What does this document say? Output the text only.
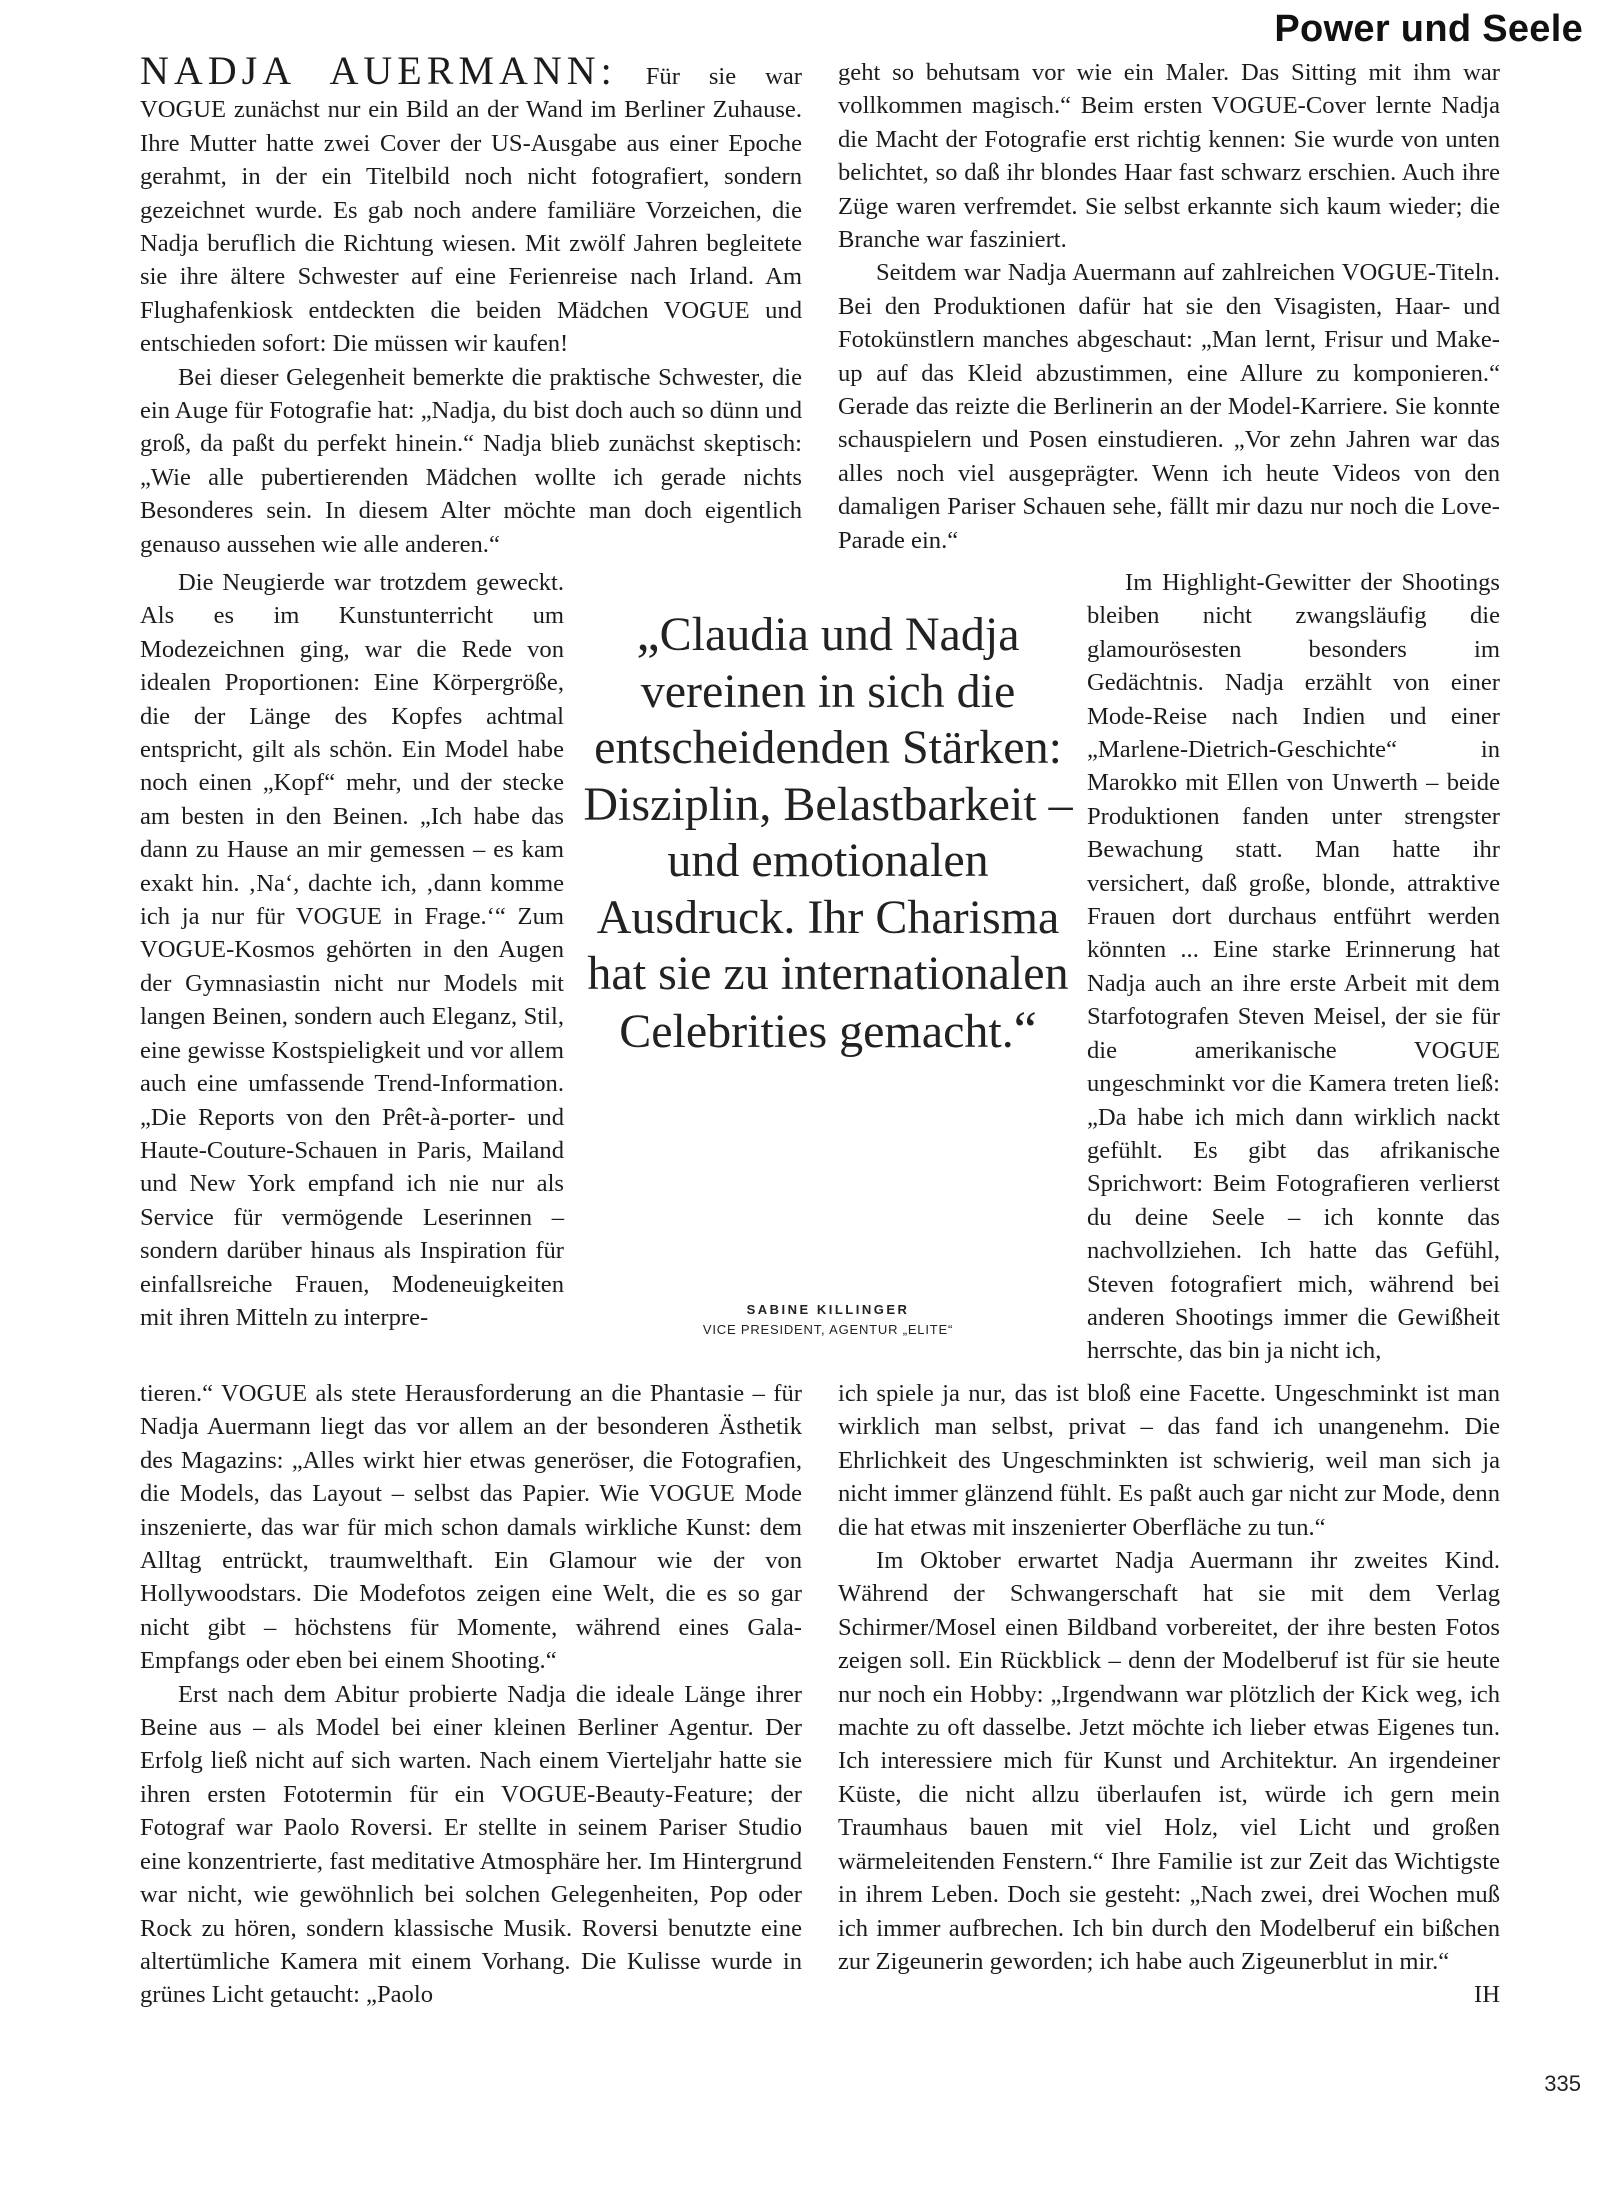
Power und Seele

NADJA AUERMANN: Für sie war VOGUE zunächst nur ein Bild an der Wand im Berliner Zuhause. Ihre Mutter hatte zwei Cover der US-Ausgabe aus einer Epoche gerahmt, in der ein Titelbild noch nicht fotografiert, sondern gezeichnet wurde. Es gab noch andere familiäre Vorzeichen, die Nadja beruflich die Richtung wiesen. Mit zwölf Jahren begleitete sie ihre ältere Schwester auf eine Ferienreise nach Irland. Am Flughafenkiosk entdeckten die beiden Mädchen VOGUE und entschieden sofort: Die müssen wir kaufen!

Bei dieser Gelegenheit bemerkte die praktische Schwester, die ein Auge für Fotografie hat: „Nadja, du bist doch auch so dünn und groß, da paßt du perfekt hinein.“ Nadja blieb zunächst skeptisch: „Wie alle pubertierenden Mädchen wollte ich gerade nichts Besonderes sein. In diesem Alter möchte man doch eigentlich genauso aussehen wie alle anderen.“

Die Neugierde war trotzdem geweckt. Als es im Kunstunterricht um Modezeichnen ging, war die Rede von idealen Proportionen: Eine Körpergröße, die der Länge des Kopfes achtmal entspricht, gilt als schön. Ein Model habe noch einen „Kopf“ mehr, und der stecke am besten in den Beinen. „Ich habe das dann zu Hause an mir gemessen – es kam exakt hin. ‚Na‘, dachte ich, ‚dann komme ich ja nur für VOGUE in Frage.‘“ Zum VOGUE-Kosmos gehörten in den Augen der Gymnasiastin nicht nur Models mit langen Beinen, sondern auch Eleganz, Stil, eine gewisse Kostspieligkeit und vor allem auch eine umfassende Trend-Information. „Die Reports von den Prêt-à-porter- und Haute-Couture-Schauen in Paris, Mailand und New York empfand ich nie nur als Service für vermögende Leserinnen – sondern darüber hinaus als Inspiration für einfallsreiche Frauen, Modeneuigkeiten mit ihren Mitteln zu interpre-

tieren.“ VOGUE als stete Herausforderung an die Phantasie – für Nadja Auermann liegt das vor allem an der besonderen Ästhetik des Magazins: „Alles wirkt hier etwas generöser, die Fotografien, die Models, das Layout – selbst das Papier. Wie VOGUE Mode inszenierte, das war für mich schon damals wirkliche Kunst: dem Alltag entrückt, traumwelthaft. Ein Glamour wie der von Hollywoodstars. Die Modefotos zeigen eine Welt, die es so gar nicht gibt – höchstens für Momente, während eines Gala-Empfangs oder eben bei einem Shooting.“

Erst nach dem Abitur probierte Nadja die ideale Länge ihrer Beine aus – als Model bei einer kleinen Berliner Agentur. Der Erfolg ließ nicht auf sich warten. Nach einem Vierteljahr hatte sie ihren ersten Fototermin für ein VOGUE-Beauty-Feature; der Fotograf war Paolo Roversi. Er stellte in seinem Pariser Studio eine konzentrierte, fast meditative Atmosphäre her. Im Hintergrund war nicht, wie gewöhnlich bei solchen Gelegenheiten, Pop oder Rock zu hören, sondern klassische Musik. Roversi benutzte eine altertümliche Kamera mit einem Vorhang. Die Kulisse wurde in grünes Licht getaucht: „Paolo

geht so behutsam vor wie ein Maler. Das Sitting mit ihm war vollkommen magisch.“ Beim ersten VOGUE-Cover lernte Nadja die Macht der Fotografie erst richtig kennen: Sie wurde von unten belichtet, so daß ihr blondes Haar fast schwarz erschien. Auch ihre Züge waren verfremdet. Sie selbst erkannte sich kaum wieder; die Branche war fasziniert.

Seitdem war Nadja Auermann auf zahlreichen VOGUE-Titeln. Bei den Produktionen dafür hat sie den Visagisten, Haar- und Fotokünstlern manches abgeschaut: „Man lernt, Frisur und Make-up auf das Kleid abzustimmen, eine Allure zu komponieren.“ Gerade das reizte die Berlinerin an der Model-Karriere. Sie konnte schauspielern und Posen einstudieren. „Vor zehn Jahren war das alles noch viel ausgeprägter. Wenn ich heute Videos von den damaligen Pariser Schauen sehe, fällt mir dazu nur noch die Love-Parade ein.“

Im Highlight-Gewitter der Shootings bleiben nicht zwangsläufig die glamourösesten besonders im Gedächtnis. Nadja erzählt von einer Mode-Reise nach Indien und einer „Marlene-Dietrich-Geschichte“ in Marokko mit Ellen von Unwerth – beide Produktionen fanden unter strengster Bewachung statt. Man hatte ihr versichert, daß große, blonde, attraktive Frauen dort durchaus entführt werden könnten ... Eine starke Erinnerung hat Nadja auch an ihre erste Arbeit mit dem Starfotografen Steven Meisel, der sie für die amerikanische VOGUE ungeschminkt vor die Kamera treten ließ: „Da habe ich mich dann wirklich nackt gefühlt. Es gibt das afrikanische Sprichwort: Beim Fotografieren verlierst du deine Seele – ich konnte das nachvollziehen. Ich hatte das Gefühl, Steven fotografiert mich, während bei anderen Shootings immer die Gewißheit herrschte, das bin ja nicht ich,

ich spiele ja nur, das ist bloß eine Facette. Ungeschminkt ist man wirklich man selbst, privat – das fand ich unangenehm. Die Ehrlichkeit des Ungeschminkten ist schwierig, weil man sich ja nicht immer glänzend fühlt. Es paßt auch gar nicht zur Mode, denn die hat etwas mit inszenierter Oberfläche zu tun.“

Im Oktober erwartet Nadja Auermann ihr zweites Kind. Während der Schwangerschaft hat sie mit dem Verlag Schirmer/Mosel einen Bildband vorbereitet, der ihre besten Fotos zeigen soll. Ein Rückblick – denn der Modelberuf ist für sie heute nur noch ein Hobby: „Irgendwann war plötzlich der Kick weg, ich machte zu oft dasselbe. Jetzt möchte ich lieber etwas Eigenes tun. Ich interessiere mich für Kunst und Architektur. An irgendeiner Küste, die nicht allzu überlaufen ist, würde ich gern mein Traumhaus bauen mit viel Holz, viel Licht und großen wärmeleitenden Fenstern.“ Ihre Familie ist zur Zeit das Wichtigste in ihrem Leben. Doch sie gesteht: „Nach zwei, drei Wochen muß ich immer aufbrechen. Ich bin durch den Modelberuf ein bißchen zur Zigeunerin geworden; ich habe auch Zigeunerblut in mir.“
IH

„Claudia und Nadja vereinen in sich die entscheidenden Stärken: Disziplin, Belastbarkeit – und emotionalen Ausdruck. Ihr Charisma hat sie zu internationalen Celebrities gemacht.“
SABINE KILLINGER
VICE PRESIDENT, AGENTUR „ELITE“
335
